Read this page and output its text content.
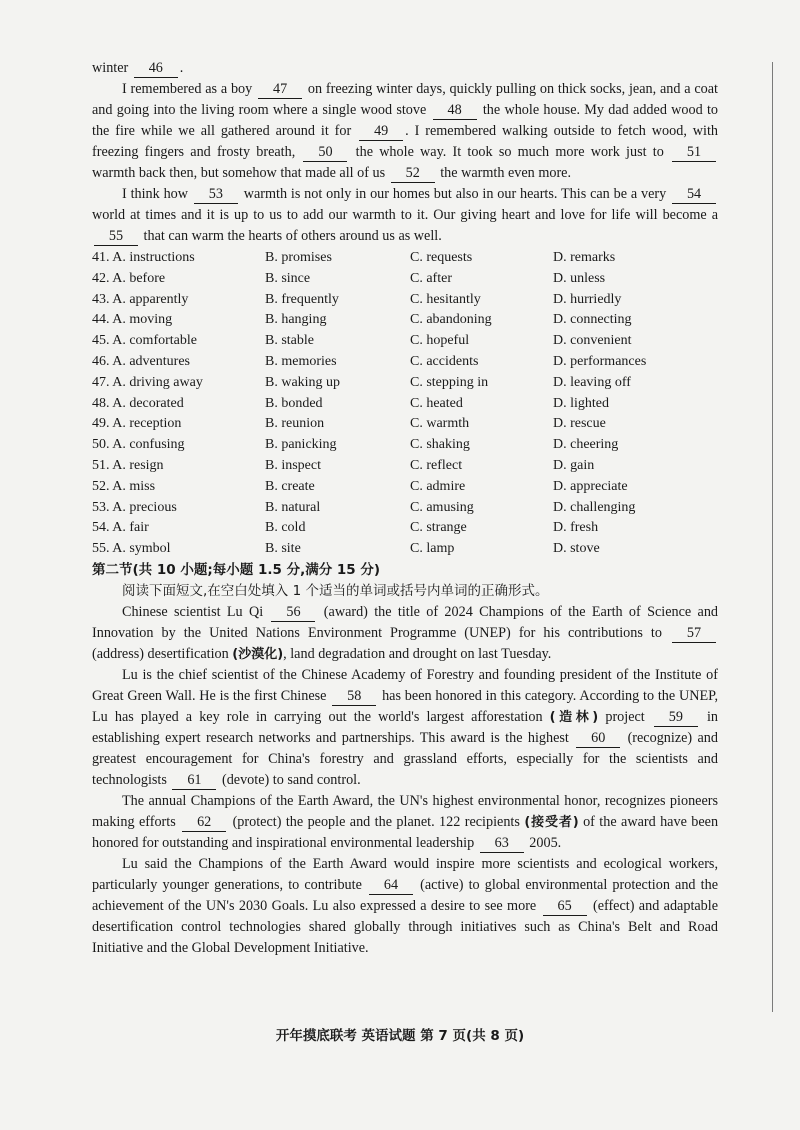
winter 46 .

I remembered as a boy 47 on freezing winter days, quickly pulling on thick socks, jean, and a coat and going into the living room where a single wood stove 48 the whole house. My dad added wood to the fire while we all gathered around it for 49 . I remembered walking outside to fetch wood, with freezing fingers and frosty breath, 50 the whole way. It took so much more work just to 51 warmth back then, but somehow that made all of us 52 the warmth even more.

I think how 53 warmth is not only in our homes but also in our hearts. This can be a very 54 world at times and it is up to us to add our warmth to it. Our giving heart and love for life will become a 55 that can warm the hearts of others around us as well.

41. A. instructions	B. promises	C. requests	D. remarks
42. A. before	B. since	C. after	D. unless
43. A. apparently	B. frequently	C. hesitantly	D. hurriedly
44. A. moving	B. hanging	C. abandoning	D. connecting
45. A. comfortable	B. stable	C. hopeful	D. convenient
46. A. adventures	B. memories	C. accidents	D. performances
47. A. driving away	B. waking up	C. stepping in	D. leaving off
48. A. decorated	B. bonded	C. heated	D. lighted
49. A. reception	B. reunion	C. warmth	D. rescue
50. A. confusing	B. panicking	C. shaking	D. cheering
51. A. resign	B. inspect	C. reflect	D. gain
52. A. miss	B. create	C. admire	D. appreciate
53. A. precious	B. natural	C. amusing	D. challenging
54. A. fair	B. cold	C. strange	D. fresh
55. A. symbol	B. site	C. lamp	D. stove

第二节(共 10 小题;每小题 1.5 分,满分 15 分)

阅读下面短文,在空白处填入 1 个适当的单词或括号内单词的正确形式。

Chinese scientist Lu Qi 56 (award) the title of 2024 Champions of the Earth of Science and Innovation by the United Nations Environment Programme (UNEP) for his contributions to 57 (address) desertification (沙漠化), land degradation and drought on last Tuesday.

Lu is the chief scientist of the Chinese Academy of Forestry and founding president of the Institute of Great Green Wall. He is the first Chinese 58 has been honored in this category. According to the UNEP, Lu has played a key role in carrying out the world's largest afforestation (造林) project 59 in establishing expert research networks and partnerships. This award is the highest 60 (recognize) and greatest encouragement for China's forestry and grassland efforts, especially for the scientists and technologists 61 (devote) to sand control.

The annual Champions of the Earth Award, the UN's highest environmental honor, recognizes pioneers making efforts 62 (protect) the people and the planet. 122 recipients (接受者) of the award have been honored for outstanding and inspirational environmental leadership 63 2005.

Lu said the Champions of the Earth Award would inspire more scientists and ecological workers, particularly younger generations, to contribute 64 (active) to global environmental protection and the achievement of the UN's 2030 Goals. Lu also expressed a desire to see more 65 (effect) and adaptable desertification control technologies shared globally through initiatives such as China's Belt and Road Initiative and the Global Development Initiative.

开年摸底联考 英语试题 第 7 页(共 8 页)
